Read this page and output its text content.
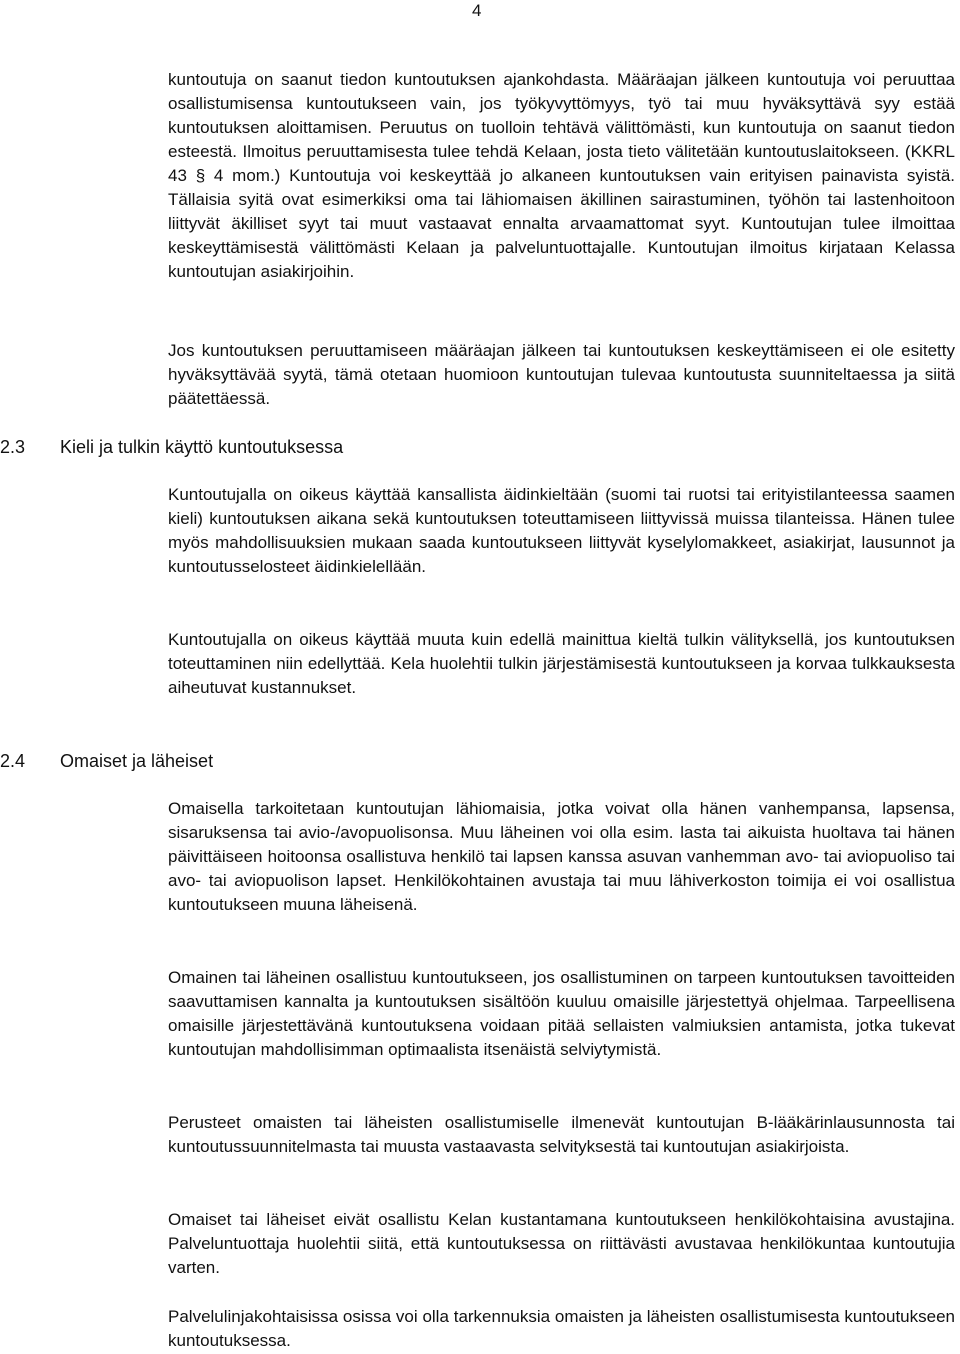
4

kuntoutuja on saanut tiedon kuntoutuksen ajankohdasta. Määräajan jälkeen kuntoutuja voi peruuttaa osallistumisensa kuntoutukseen vain, jos työkyvyttömyys, työ tai muu hyväksyttävä syy estää kuntoutuksen aloittamisen. Peruutus on tuolloin tehtävä välittömästi, kun kuntoutuja on saanut tiedon esteestä. Ilmoitus peruuttamisesta tulee tehdä Kelaan, josta tieto välitetään kuntoutuslaitokseen. (KKRL 43 § 4 mom.) Kuntoutuja voi keskeyttää jo alkaneen kuntoutuksen vain erityisen painavista syistä. Tällaisia syitä ovat esimerkiksi oma tai lähiomaisen äkillinen sairastuminen, työhön tai lastenhoitoon liittyvät äkilliset syyt tai muut vastaavat ennalta arvaamattomat syyt. Kuntoutujan tulee ilmoittaa keskeyttämisestä välittömästi Kelaan ja palveluntuottajalle. Kuntoutujan ilmoitus kirjataan Kelassa kuntoutujan asiakirjoihin.

Jos kuntoutuksen peruuttamiseen määräajan jälkeen tai kuntoutuksen keskeyttämiseen ei ole esitetty hyväksyttävää syytä, tämä otetaan huomioon kuntoutujan tulevaa kuntoutusta suunniteltaessa ja siitä päätettäessä.

2.3 Kieli ja tulkin käyttö kuntoutuksessa

Kuntoutujalla on oikeus käyttää kansallista äidinkieltään (suomi tai ruotsi tai erityistilanteessa saamen kieli) kuntoutuksen aikana sekä kuntoutuksen toteuttamiseen liittyvissä muissa tilanteissa. Hänen tulee myös mahdollisuuksien mukaan saada kuntoutukseen liittyvät kyselylomakkeet, asiakirjat, lausunnot ja kuntoutusselosteet äidinkielellään.

Kuntoutujalla on oikeus käyttää muuta kuin edellä mainittua kieltä tulkin välityksellä, jos kuntoutuksen toteuttaminen niin edellyttää. Kela huolehtii tulkin järjestämisestä kuntoutukseen ja korvaa tulkkauksesta aiheutuvat kustannukset.

2.4 Omaiset ja läheiset

Omaisella tarkoitetaan kuntoutujan lähiomaisia, jotka voivat olla hänen vanhempansa, lapsensa, sisaruksensa tai avio-/avopuolisonsa. Muu läheinen voi olla esim. lasta tai aikuista huoltava tai hänen päivittäiseen hoitoonsa osallistuva henkilö tai lapsen kanssa asuvan vanhemman avo- tai aviopuoliso tai avo- tai aviopuolison lapset. Henkilökohtainen avustaja tai muu lähiverkoston toimija ei voi osallistua kuntoutukseen muuna läheisenä.

Omainen tai läheinen osallistuu kuntoutukseen, jos osallistuminen on tarpeen kuntoutuksen tavoitteiden saavuttamisen kannalta ja kuntoutuksen sisältöön kuuluu omaisille järjestettyä ohjelmaa. Tarpeellisena omaisille järjestettävänä kuntoutuksena voidaan pitää sellaisten valmiuksien antamista, jotka tukevat kuntoutujan mahdollisimman optimaalista itsenäistä selviytymistä.

Perusteet omaisten tai läheisten osallistumiselle ilmenevät kuntoutujan B-lääkärinlausunnosta tai kuntoutussuunnitelmasta tai muusta vastaavasta selvityksestä tai kuntoutujan asiakirjoista.

Omaiset tai läheiset eivät osallistu Kelan kustantamana kuntoutukseen henkilökohtaisina avustajina. Palveluntuottaja huolehtii siitä, että kuntoutuksessa on riittävästi avustavaa henkilökuntaa kuntoutujia varten.

Palvelulinjakohtaisissa osissa voi olla tarkennuksia omaisten ja läheisten osallistumisesta kuntoutukseen kuntoutuksessa.
